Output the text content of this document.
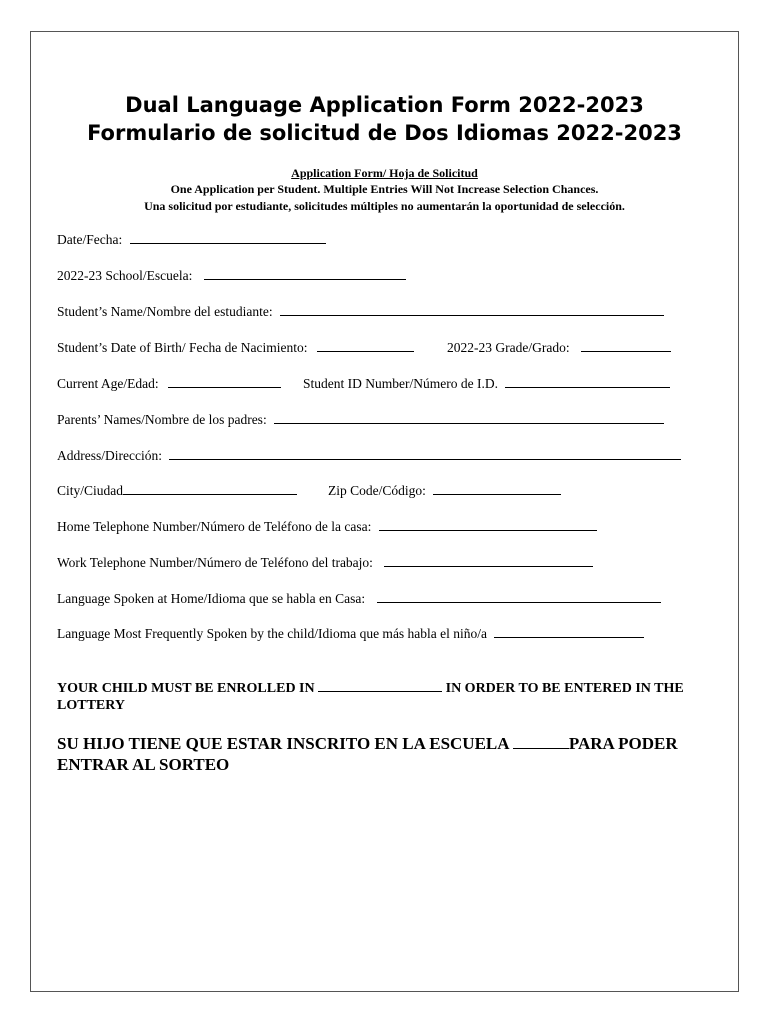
Dual Language Application Form 2022-2023
Formulario de solicitud de Dos Idiomas 2022-2023
Application Form/ Hoja de Solicitud
One Application per Student. Multiple Entries Will Not Increase Selection Chances.
Una solicitud por estudiante, solicitudes múltiples no aumentarán la oportunidad de selección.
Date/Fecha:
2022-23 School/Escuela:
Student’s Name/Nombre del estudiante:
Student’s Date of Birth/ Fecha de Nacimiento:	2022-23 Grade/Grado:
Current Age/Edad:	Student ID Number/Número de I.D.
Parents’ Names/Nombre de los padres:
Address/Dirección:
City/Ciudad	Zip Code/Código:
Home Telephone Number/Número de Teléfono de la casa:
Work Telephone Number/Número de Teléfono del trabajo:
Language Spoken at Home/Idioma que se habla en Casa:
Language Most Frequently Spoken by the child/Idioma que más habla el niño/a
YOUR CHILD MUST BE ENROLLED IN	IN ORDER TO BE ENTERED IN THE LOTTERY
SU HIJO TIENE QUE ESTAR INSCRITO EN LA ESCUELA	PARA PODER ENTRAR AL SORTEO
